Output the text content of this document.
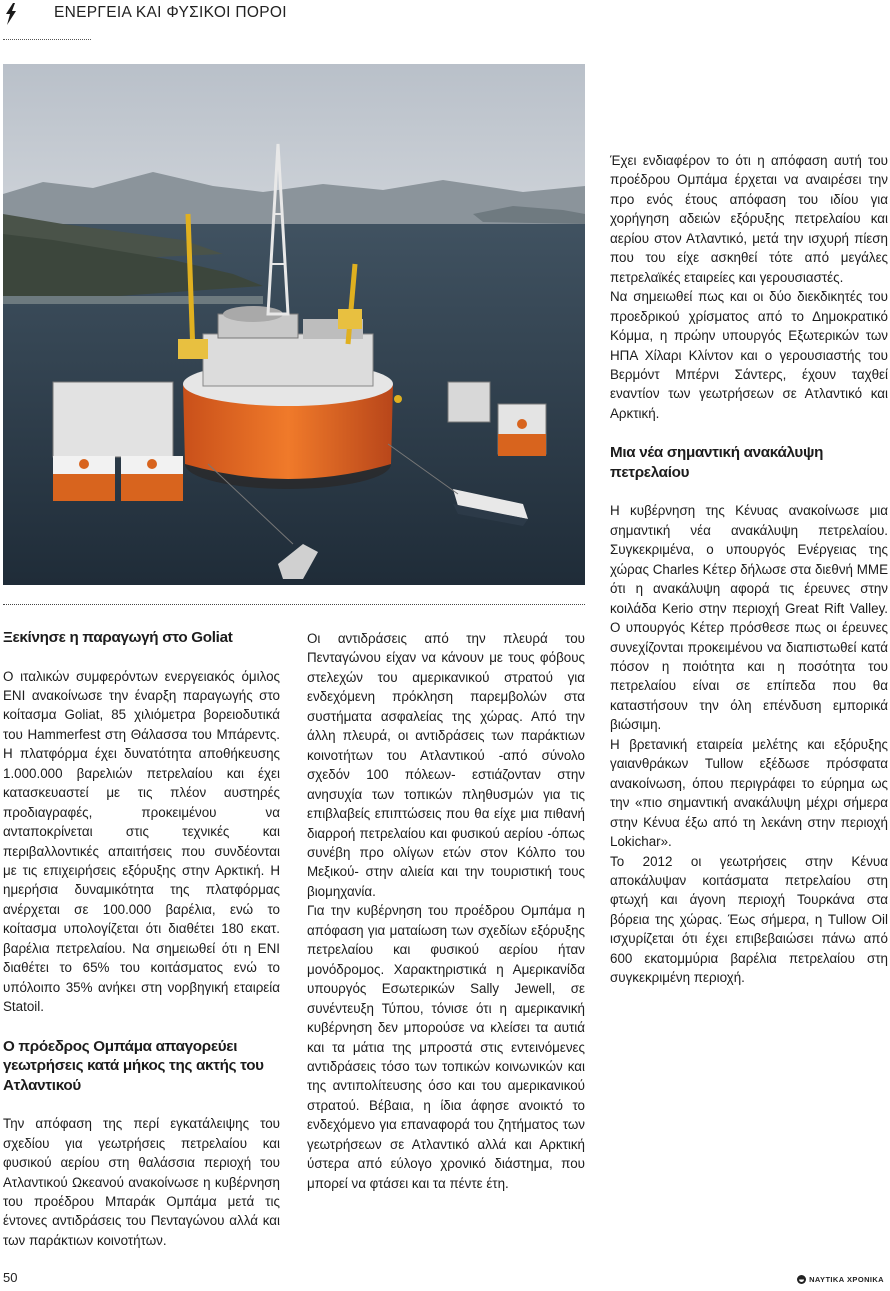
ΕΝΕΡΓΕΙΑ ΚΑΙ ΦΥΣΙΚΟΙ ΠΟΡΟΙ
Ξεκίνησε η παραγωγή στο Goliat

Ο ιταλικών συμφερόντων ενεργειακός όμιλος ENI ανακοίνωσε την έναρξη παραγωγής στο κοίτασμα Goliat, 85 χιλιόμετρα βορειοδυτικά του Hammerfest στη Θάλασσα του Μπάρεντς. Η πλατφόρμα έχει δυνατότητα αποθήκευσης 1.000.000 βαρελιών πετρελαίου και έχει κατασκευαστεί με τις πλέον αυστηρές προδιαγραφές, προκειμένου να ανταποκρίνεται στις τεχνικές και περιβαλλοντικές απαιτήσεις που συνδέονται με τις επιχειρήσεις εξόρυξης στην Αρκτική. Η ημερήσια δυναμικότητα της πλατφόρμας ανέρχεται σε 100.000 βαρέλια, ενώ το κοίτασμα υπολογίζεται ότι διαθέτει 180 εκατ. βαρέλια πετρελαίου. Να σημειωθεί ότι η ENI διαθέτει το 65% του κοιτάσματος ενώ το υπόλοιπο 35% ανήκει στη νορβηγική εταιρεία Statoil.

Ο πρόεδρος Ομπάμα απαγορεύει γεωτρήσεις κατά μήκος της ακτής του Ατλαντικού

Την απόφαση της περί εγκατάλειψης του σχεδίου για γεωτρήσεις πετρελαίου και φυσικού αερίου στη θαλάσσια περιοχή του Ατλαντικού Ωκεανού ανακοίνωσε η κυβέρνηση του προέδρου Μπαράκ Ομπάμα μετά τις έντονες αντιδράσεις του Πενταγώνου αλλά και των παράκτιων κοινοτήτων.

Οι αντιδράσεις από την πλευρά του Πενταγώνου είχαν να κάνουν με τους φόβους στελεχών του αμερικανικού στρατού για ενδεχόμενη πρόκληση παρεμβολών στα συστήματα ασφαλείας της χώρας. Από την άλλη πλευρά, οι αντιδράσεις των παράκτιων κοινοτήτων του Ατλαντικού -από σύνολο σχεδόν 100 πόλεων- εστιάζονταν στην ανησυχία των τοπικών πληθυσμών για τις επιβλαβείς επιπτώσεις που θα είχε μια πιθανή διαρροή πετρελαίου και φυσικού αερίου -όπως συνέβη προ ολίγων ετών στον Κόλπο του Μεξικού- στην αλιεία και την τουριστική τους βιομηχανία.

Για την κυβέρνηση του προέδρου Ομπάμα η απόφαση για ματαίωση των σχεδίων εξόρυξης πετρελαίου και φυσικού αερίου ήταν μονόδρομος. Χαρακτηριστικά η Αμερικανίδα υπουργός Εσωτερικών Sally Jewell, σε συνέντευξη Τύπου, τόνισε ότι η αμερικανική κυβέρνηση δεν μπορούσε να κλείσει τα αυτιά και τα μάτια της μπροστά στις εντεινόμενες αντιδράσεις τόσο των τοπικών κοινωνικών και της αντιπολίτευσης όσο και του αμερικανικού στρατού. Βέβαια, η ίδια άφησε ανοικτό το ενδεχόμενο για επαναφορά του ζητήματος των γεωτρήσεων σε Ατλαντικό αλλά και Αρκτική ύστερα από εύλογο χρονικό διάστημα, που μπορεί να φτάσει και τα πέντε έτη.

Έχει ενδιαφέρον το ότι η απόφαση αυτή του προέδρου Ομπάμα έρχεται να αναιρέσει την προ ενός έτους απόφαση του ιδίου για χορήγηση αδειών εξόρυξης πετρελαίου και αερίου στον Ατλαντικό, μετά την ισχυρή πίεση που του είχε ασκηθεί τότε από μεγάλες πετρελαϊκές εταιρείες και γερουσιαστές.

Να σημειωθεί πως και οι δύο διεκδικητές του προεδρικού χρίσματος από το Δημοκρατικό Κόμμα, η πρώην υπουργός Εξωτερικών των ΗΠΑ Χίλαρι Κλίντον και ο γερουσιαστής του Βερμόντ Μπέρνι Σάντερς, έχουν ταχθεί εναντίον των γεωτρήσεων σε Ατλαντικό και Αρκτική.

Μια νέα σημαντική ανακάλυψη πετρελαίου

Η κυβέρνηση της Κένυας ανακοίνωσε μια σημαντική νέα ανακάλυψη πετρελαίου. Συγκεκριμένα, ο υπουργός Ενέργειας της χώρας Charles Κέτερ δήλωσε στα διεθνή ΜΜΕ ότι η ανακάλυψη αφορά τις έρευνες στην κοιλάδα Kerio στην περιοχή Great Rift Valley. Ο υπουργός Κέτερ πρόσθεσε πως οι έρευνες συνεχίζονται προκειμένου να διαπιστωθεί κατά πόσον η ποιότητα και η ποσότητα του πετρελαίου είναι σε επίπεδα που θα καταστήσουν την όλη επένδυση εμπορικά βιώσιμη.

Η βρετανική εταιρεία μελέτης και εξόρυξης γαιανθράκων Tullow εξέδωσε πρόσφατα ανακοίνωση, όπου περιγράφει το εύρημα ως την «πιο σημαντική ανακάλυψη μέχρι σήμερα στην Κένυα έξω από τη λεκάνη στην περιοχή Lokichar».

Το 2012 οι γεωτρήσεις στην Κένυα αποκάλυψαν κοιτάσματα πετρελαίου στη φτωχή και άγονη περιοχή Τουρκάνα στα βόρεια της χώρας. Έως σήμερα, η Tullow Oil ισχυρίζεται ότι έχει επιβεβαιώσει πάνω από 600 εκατομμύρια βαρέλια πετρελαίου στη συγκεκριμένη περιοχή.

50	ΝΑΥΤΙΚΑ ΧΡΟΝΙΚΑ
